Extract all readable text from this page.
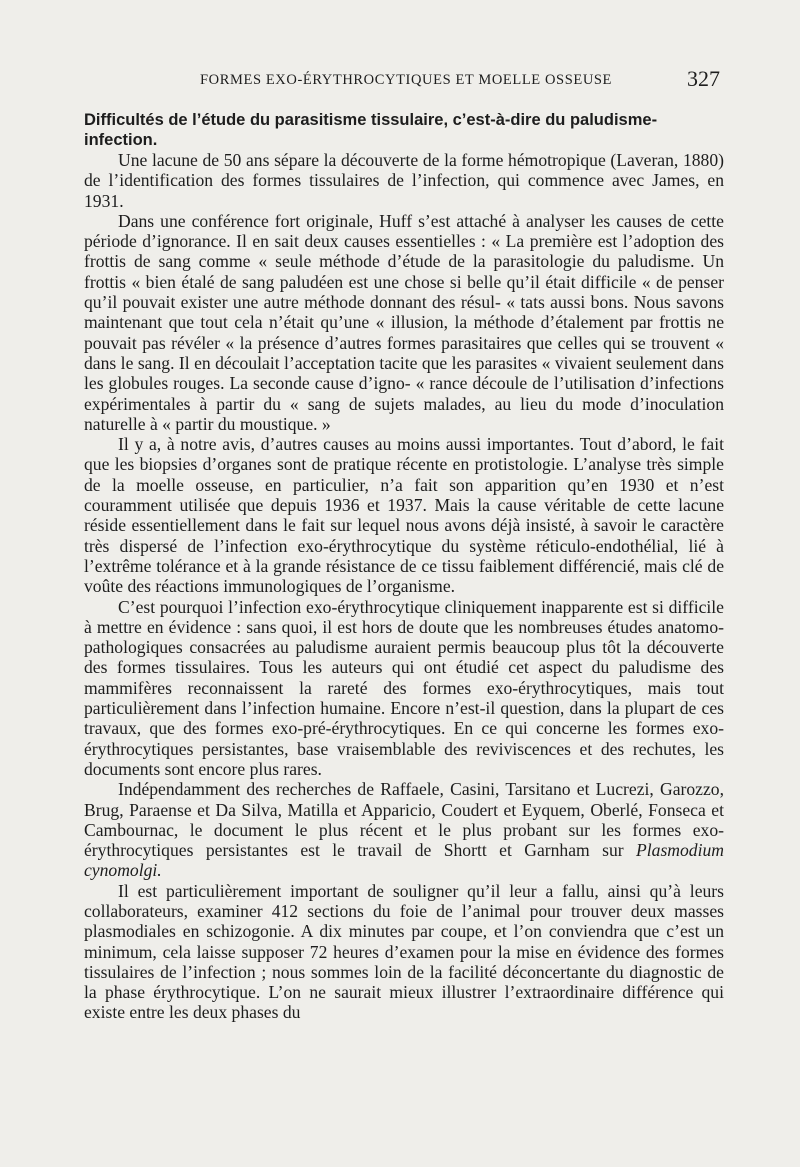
FORMES EXO-ÉRYTHROCYTIQUES ET MOELLE OSSEUSE	327
Difficultés de l’étude du parasitisme tissulaire, c’est-à-dire du paludisme-infection.

Une lacune de 50 ans sépare la découverte de la forme hémotropique (Laveran, 1880) de l’identification des formes tissulaires de l’infection, qui commence avec James, en 1931.

Dans une conférence fort originale, Huff s’est attaché à analyser les causes de cette période d’ignorance. Il en sait deux causes essentielles : « La première est l’adoption des frottis de sang comme « seule méthode d’étude de la parasitologie du paludisme. Un frottis « bien étalé de sang paludéen est une chose si belle qu’il était difficile « de penser qu’il pouvait exister une autre méthode donnant des résul- « tats aussi bons. Nous savons maintenant que tout cela n’était qu’une « illusion, la méthode d’étalement par frottis ne pouvait pas révéler « la présence d’autres formes parasitaires que celles qui se trouvent « dans le sang. Il en découlait l’acceptation tacite que les parasites « vivaient seulement dans les globules rouges. La seconde cause d’igno- « rance découle de l’utilisation d’infections expérimentales à partir du « sang de sujets malades, au lieu du mode d’inoculation naturelle à « partir du moustique. »

Il y a, à notre avis, d’autres causes au moins aussi importantes. Tout d’abord, le fait que les biopsies d’organes sont de pratique récente en protistologie. L’analyse très simple de la moelle osseuse, en particulier, n’a fait son apparition qu’en 1930 et n’est couramment utilisée que depuis 1936 et 1937. Mais la cause véritable de cette lacune réside essentiellement dans le fait sur lequel nous avons déjà insisté, à savoir le caractère très dispersé de l’infection exo-érythrocytique du système réticulo-endothélial, lié à l’extrême tolérance et à la grande résistance de ce tissu faiblement différencié, mais clé de voûte des réactions immunologiques de l’organisme.

C’est pourquoi l’infection exo-érythrocytique cliniquement inapparente est si difficile à mettre en évidence : sans quoi, il est hors de doute que les nombreuses études anatomo-pathologiques consacrées au paludisme auraient permis beaucoup plus tôt la découverte des formes tissulaires. Tous les auteurs qui ont étudié cet aspect du paludisme des mammifères reconnaissent la rareté des formes exo-érythrocytiques, mais tout particulièrement dans l’infection humaine. Encore n’est-il question, dans la plupart de ces travaux, que des formes exo-pré-érythrocytiques. En ce qui concerne les formes exo-érythrocytiques persistantes, base vraisemblable des reviviscences et des rechutes, les documents sont encore plus rares.

Indépendamment des recherches de Raffaele, Casini, Tarsitano et Lucrezi, Garozzo, Brug, Paraense et Da Silva, Matilla et Apparicio, Coudert et Eyquem, Oberlé, Fonseca et Cambournac, le document le plus récent et le plus probant sur les formes exo-érythrocytiques persistantes est le travail de Shortt et Garnham sur Plasmodium cynomolgi.

Il est particulièrement important de souligner qu’il leur a fallu, ainsi qu’à leurs collaborateurs, examiner 412 sections du foie de l’animal pour trouver deux masses plasmodiales en schizogonie. A dix minutes par coupe, et l’on conviendra que c’est un minimum, cela laisse supposer 72 heures d’examen pour la mise en évidence des formes tissulaires de l’infection ; nous sommes loin de la facilité déconcertante du diagnostic de la phase érythrocytique. L’on ne saurait mieux illustrer l’extraordinaire différence qui existe entre les deux phases du
